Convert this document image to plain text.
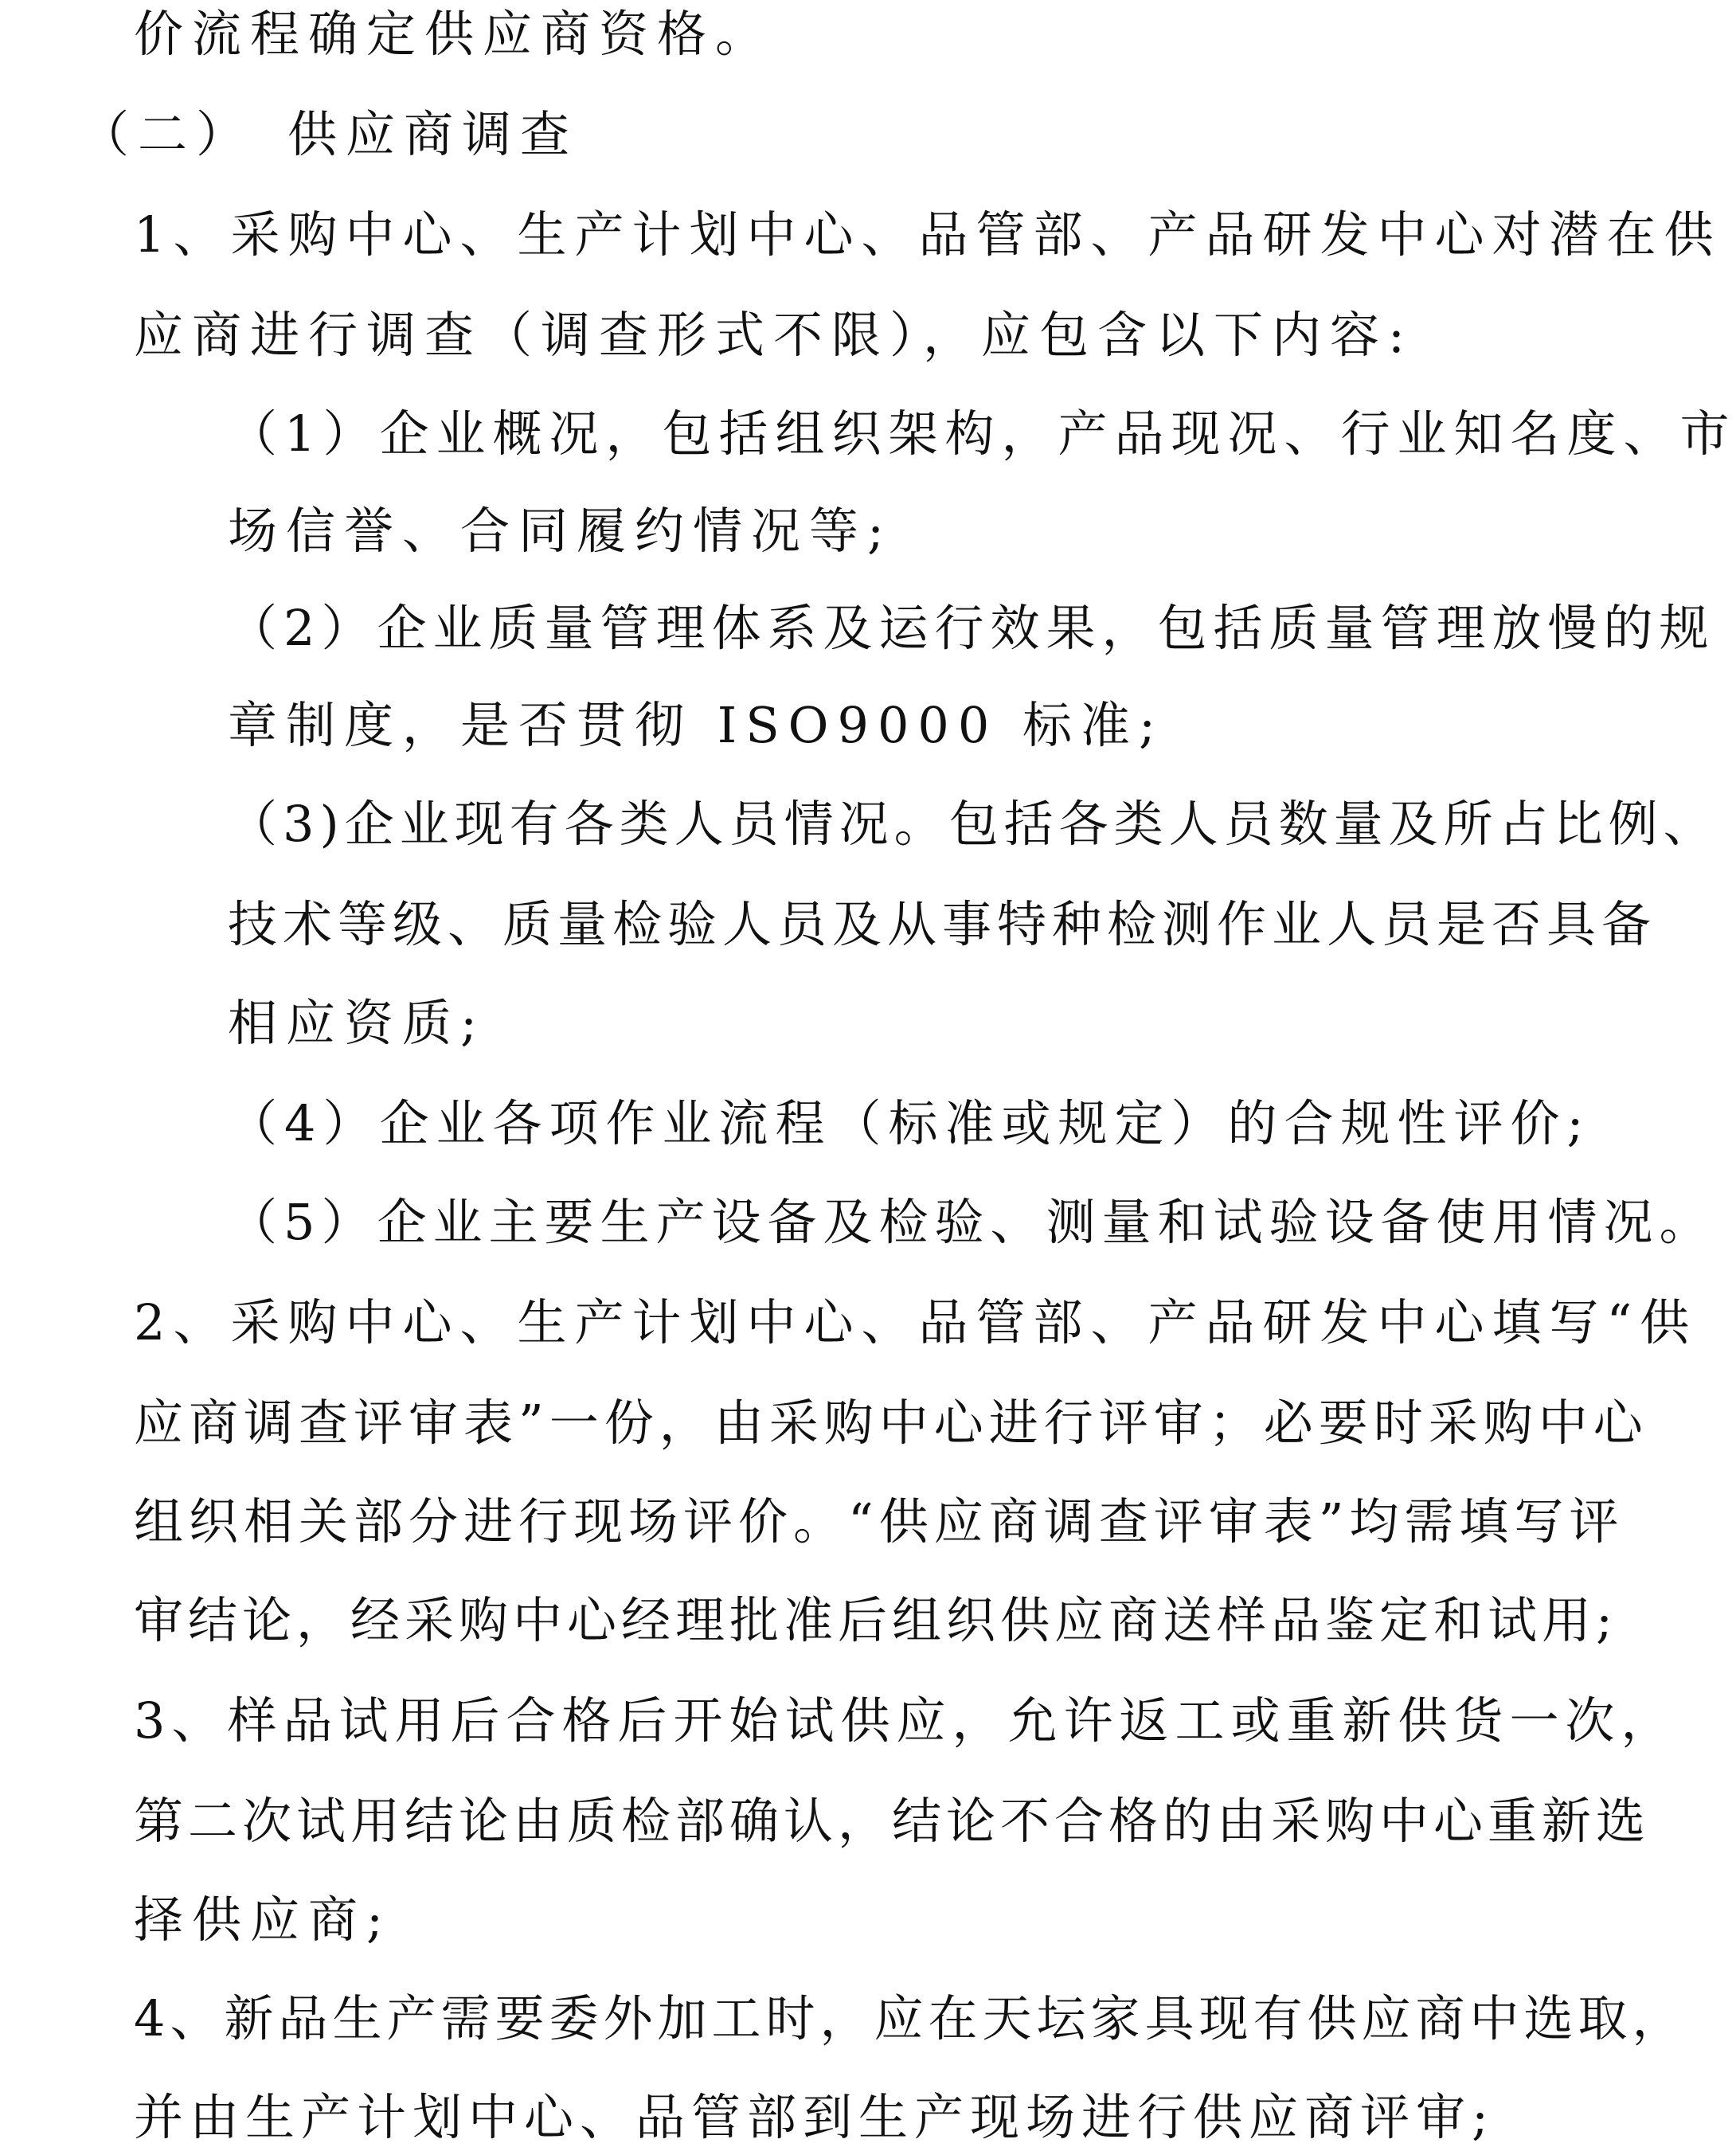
价流程确定供应商资格。
（二）　供应商调查
1、采购中心、生产计划中心、品管部、产品研发中心对潜在供
应商进行调查（调查形式不限），应包含以下内容:
（1）企业概况，包括组织架构，产品现况、行业知名度、市
场信誉、合同履约情况等;
（2）企业质量管理体系及运行效果，包括质量管理放慢的规
章制度，是否贯彻 ISO9000 标准;
（3)企业现有各类人员情况。包括各类人员数量及所占比例、
技术等级、质量检验人员及从事特种检测作业人员是否具备
相应资质;
（4）企业各项作业流程（标准或规定）的合规性评价;
（5）企业主要生产设备及检验、测量和试验设备使用情况。
2、采购中心、生产计划中心、品管部、产品研发中心填写“供
应商调查评审表”一份，由采购中心进行评审；必要时采购中心
组织相关部分进行现场评价。“供应商调查评审表”均需填写评
审结论，经采购中心经理批准后组织供应商送样品鉴定和试用;
3、样品试用后合格后开始试供应，允许返工或重新供货一次，
第二次试用结论由质检部确认，结论不合格的由采购中心重新选
择供应商;
4、新品生产需要委外加工时，应在天坛家具现有供应商中选取，
并由生产计划中心、品管部到生产现场进行供应商评审;
